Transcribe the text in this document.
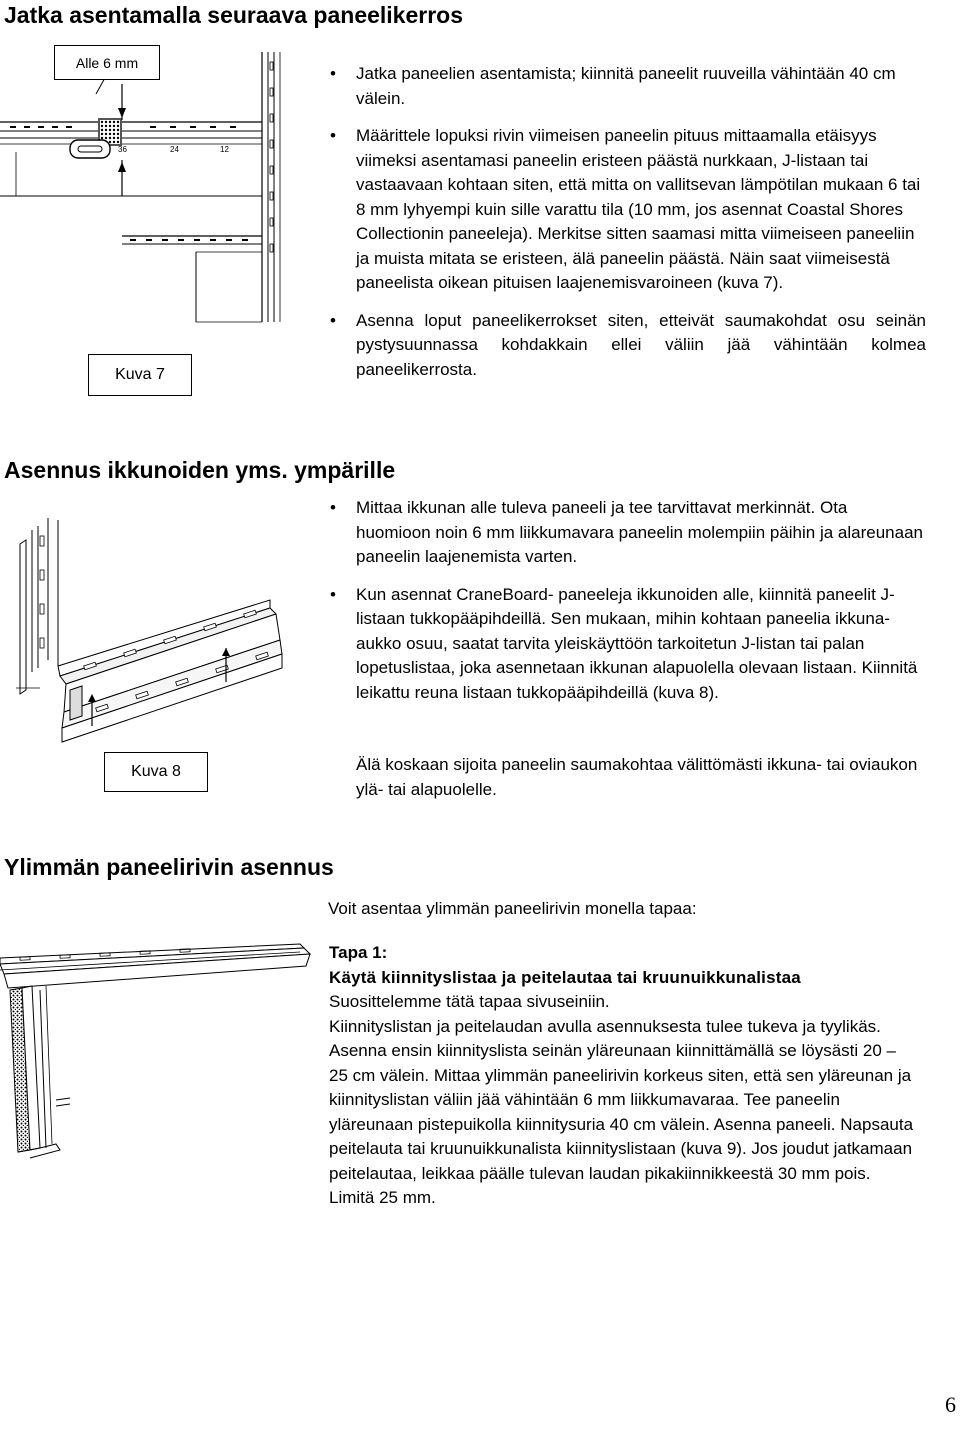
Jatka asentamalla seuraava paneelikerros
36	24	12
Alle 6 mm
Kuva 7
• Jatka paneelien asentamista; kiinnitä paneelit ruuveilla vähintään 40 cm välein.
• Määrittele lopuksi rivin viimeisen paneelin pituus mittaamalla etäisyys viimeksi asentamasi paneelin eristeen päästä nurkkaan, J-listaan tai vastaavaan kohtaan siten, että mitta on vallitsevan lämpötilan mukaan 6 tai 8 mm lyhyempi kuin sille varattu tila (10 mm, jos asennat Coastal Shores Collectionin paneeleja). Merkitse sitten saamasi mitta viimeiseen paneeliin ja muista mitata se eristeen, älä paneelin päästä. Näin saat viimeisestä paneelista oikean pituisen laajenemisvaroineen (kuva 7).
• Asenna loput paneelikerrokset siten, etteivät saumakohdat osu seinän pystysuunnassa kohdakkain ellei väliin jää vähintään kolmea paneelikerrosta.
Asennus ikkunoiden yms. ympärille
Kuva 8
• Mittaa ikkunan alle tuleva paneeli ja tee tarvittavat merkinnät. Ota huomioon noin 6 mm liikkumavara paneelin molempiin päihin ja alareunaan paneelin laajenemista varten.
• Kun asennat CraneBoard- paneeleja ikkunoiden alle, kiinnitä paneelit J-listaan tukkopääpihdeillä. Sen mukaan, mihin kohtaan paneelia ikkuna-aukko osuu, saatat tarvita yleiskäyttöön tarkoitetun J-listan tai palan lopetuslistaa, joka asennetaan ikkunan alapuolella olevaan listaan. Kiinnitä leikattu reuna listaan tukkopääpihdeillä (kuva 8).

Älä koskaan sijoita paneelin saumakohtaa välittömästi ikkuna- tai oviaukon ylä- tai alapuolelle.

Ylimmän paneelirivin asennus

Voit asentaa ylimmän paneelirivin monella tapaa:

Tapa 1:
Käytä kiinnityslistaa ja peitelautaa tai kruunuikkunalistaa
Suosittelemme tätä tapaa sivuseiniin.
Kiinnityslistan ja peitelaudan avulla asennuksesta tulee tukeva ja tyylikäs. Asenna ensin kiinnityslista seinän yläreunaan kiinnittämällä se löysästi 20 – 25 cm välein. Mittaa ylimmän paneelirivin korkeus siten, että sen yläreunan ja kiinnityslistan väliin jää vähintään 6 mm liikkumavaraa. Tee paneelin yläreunaan pistepuikolla kiinnitysuria 40 cm välein. Asenna paneeli. Napsauta peitelauta tai kruunuikkunalista kiinnityslistaan (kuva 9). Jos joudut jatkamaan peitelautaa, leikkaa päälle tulevan laudan pikakiinnikkeestä 30 mm pois. Limitä 25 mm.
6
